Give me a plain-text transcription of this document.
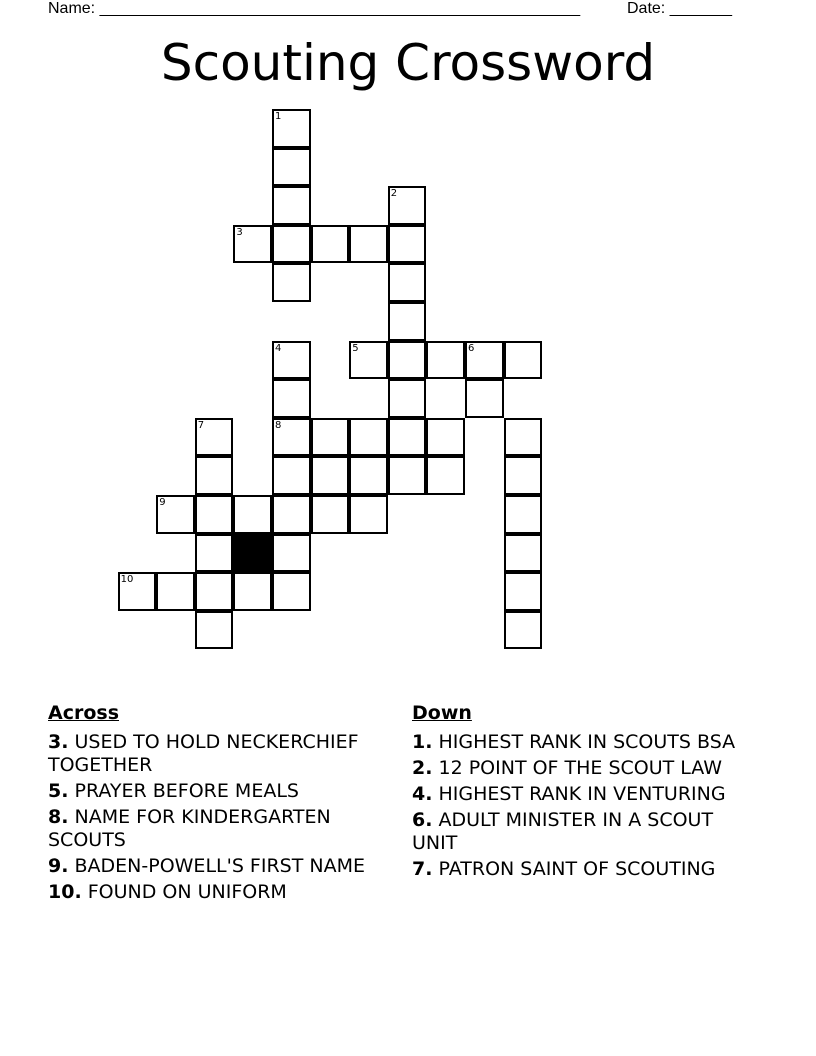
Name: ______________________________________________________	Date: _______
Scouting Crossword
1
2
3
4	5	6
7	8
9
10
Across
3. USED TO HOLD NECKERCHIEF TOGETHER
5. PRAYER BEFORE MEALS
8. NAME FOR KINDERGARTEN SCOUTS
9. BADEN-POWELL'S FIRST NAME
10. FOUND ON UNIFORM
Down
1. HIGHEST RANK IN SCOUTS BSA
2. 12 POINT OF THE SCOUT LAW
4. HIGHEST RANK IN VENTURING
6. ADULT MINISTER IN A SCOUT UNIT
7. PATRON SAINT OF SCOUTING
